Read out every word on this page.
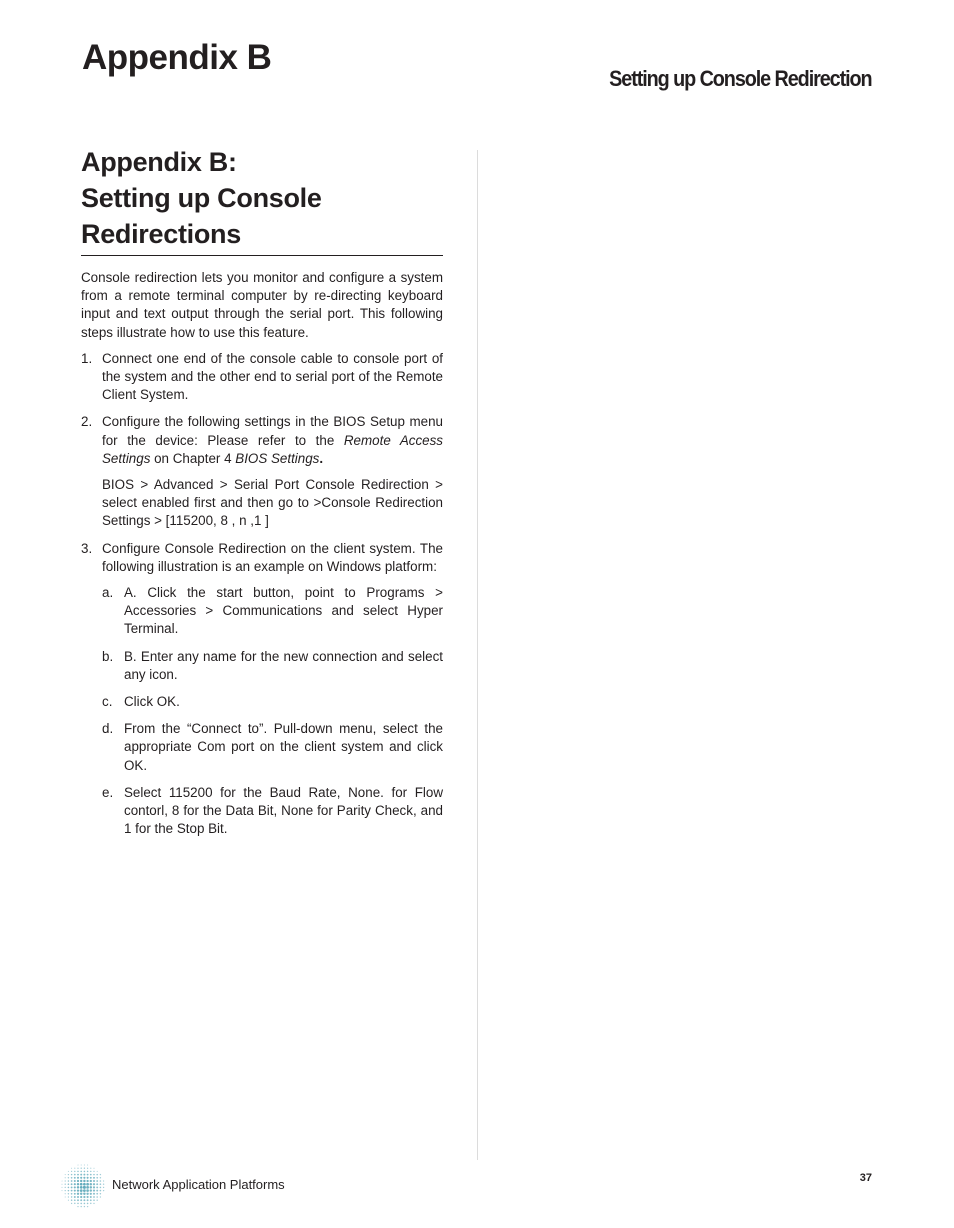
Appendix B
Setting up Console Redirection
Appendix B:
Setting up Console
Redirections

Console redirection lets you monitor and configure a system from a remote terminal computer by re-directing keyboard input and text output through the serial port. This following steps illustrate how to use this feature.

1. Connect one end of the console cable to console port of the system and the other end to serial port of the Remote Client System.
2. Configure the following settings in the BIOS Setup menu for the device: Please refer to the Remote Access Settings on Chapter 4 BIOS Settings.

BIOS > Advanced > Serial Port Console Redirection > select enabled first and then go to >Console Redirection Settings > [115200, 8 , n ,1 ]

3. Configure Console Redirection on the client system. The following illustration is an example on Windows platform:
a. A. Click the start button, point to Programs > Accessories > Communications and select Hyper Terminal.
b. B. Enter any name for the new connection and select any icon.
c. Click OK.
d. From the “Connect to”. Pull-down menu, select the appropriate Com port on the client system and click OK.
e. Select 115200 for the Baud Rate, None. for Flow contorl, 8 for the Data Bit, None for Parity Check, and 1 for the Stop Bit.
Network Application Platforms	37
